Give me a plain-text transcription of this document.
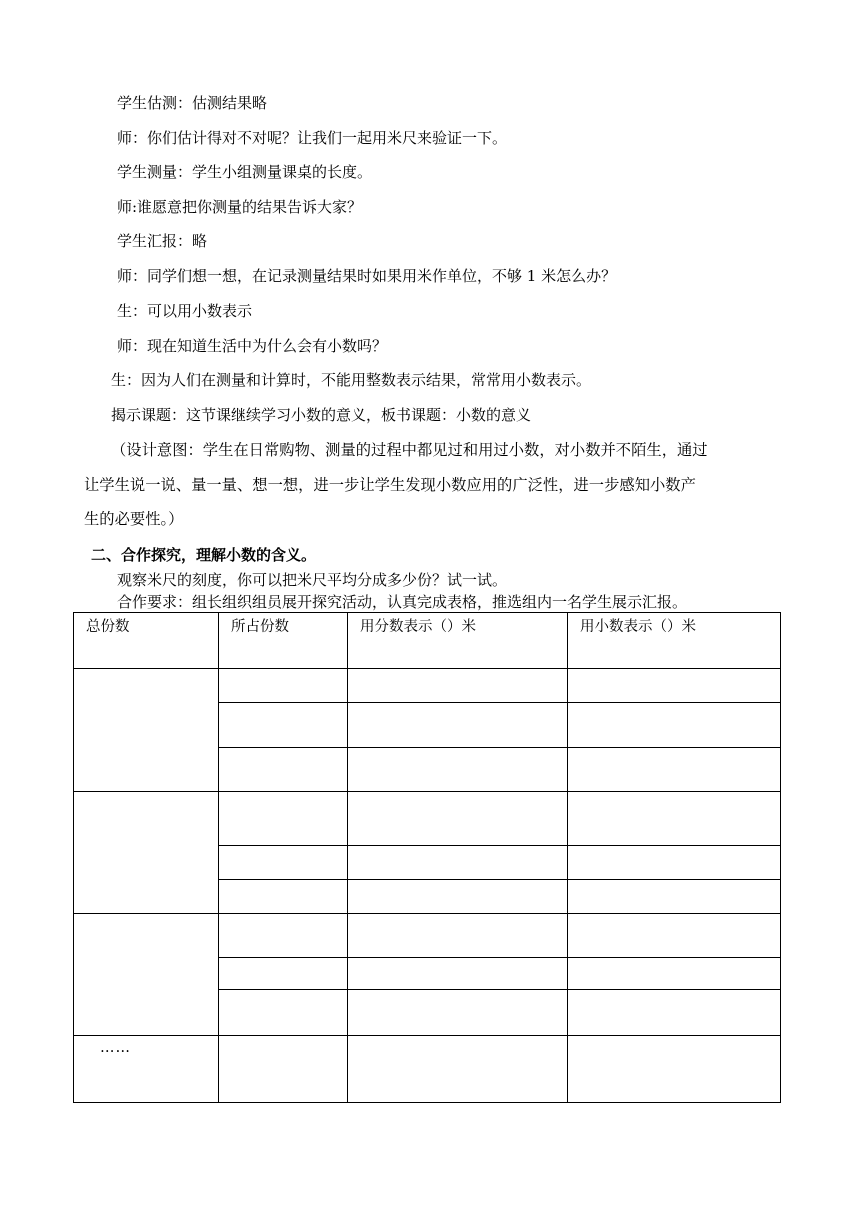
学生估测：估测结果略
师：你们估计得对不对呢？让我们一起用米尺来验证一下。
学生测量：学生小组测量课桌的长度。
师:谁愿意把你测量的结果告诉大家？
学生汇报：略
师：同学们想一想，在记录测量结果时如果用米作单位，不够 1 米怎么办？
生：可以用小数表示
师：现在知道生活中为什么会有小数吗？
生：因为人们在测量和计算时，不能用整数表示结果，常常用小数表示。
揭示课题：这节课继续学习小数的意义，板书课题：小数的意义
（设计意图：学生在日常购物、测量的过程中都见过和用过小数，对小数并不陌生，通过
让学生说一说、量一量、想一想，进一步让学生发现小数应用的广泛性，进一步感知小数产
生的必要性。）
二、合作探究，理解小数的含义。
观察米尺的刻度，你可以把米尺平均分成多少份？试一试。
合作要求：组长组织组员展开探究活动，认真完成表格，推选组内一名学生展示汇报。
总份数	所占份数	用分数表示（）米	用小数表示（）米

……			
